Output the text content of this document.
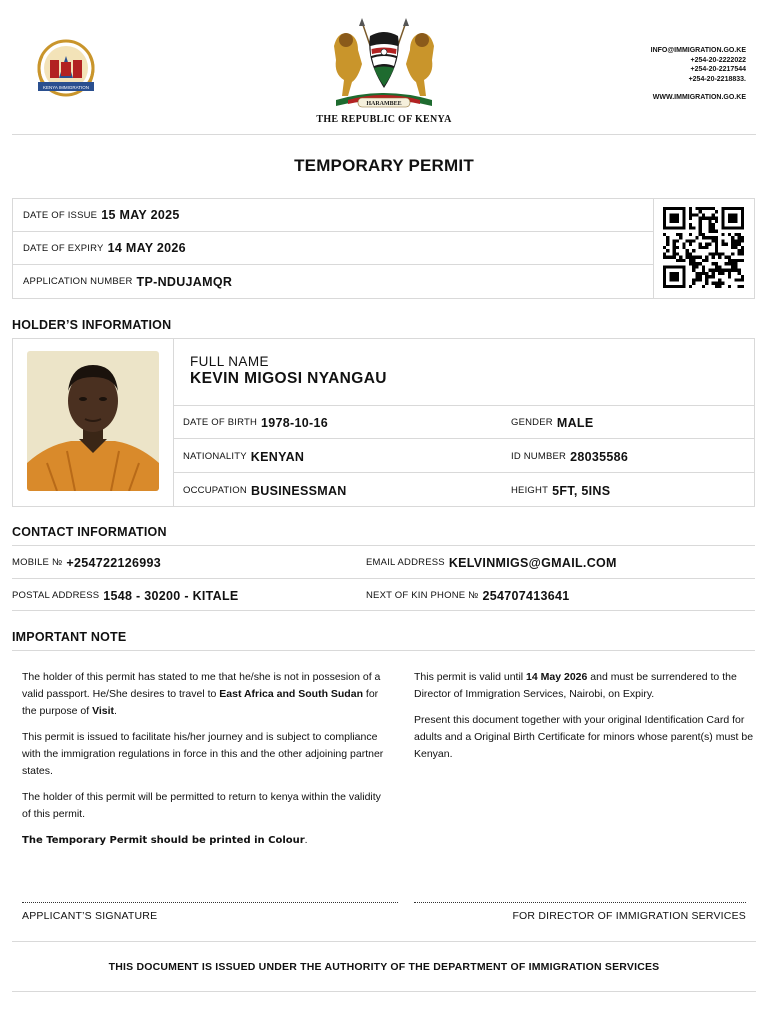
KENYA IMMIGRATION
HARAMBEE
THE REPUBLIC OF KENYA
INFO@IMMIGRATION.GO.KE
+254-20-2222022
+254-20-2217544
+254-20-2218833.
WWW.IMMIGRATION.GO.KE
TEMPORARY PERMIT
DATE OF ISSUE 15 MAY 2025
DATE OF EXPIRY 14 MAY 2026
APPLICATION NUMBER TP-NDUJAMQR
HOLDER’S INFORMATION
FULL NAME
KEVIN MIGOSI NYANGAU
DATE OF BIRTH 1978-10-16	GENDER MALE
NATIONALITY KENYAN	ID NUMBER 28035586
OCCUPATION BUSINESSMAN	HEIGHT 5FT, 5INS
CONTACT INFORMATION
MOBILE № +254722126993	EMAIL ADDRESS KELVINMIGS@GMAIL.COM
POSTAL ADDRESS 1548 - 30200 - KITALE	NEXT OF KIN PHONE № 254707413641
IMPORTANT NOTE

The holder of this permit has stated to me that he/she is not in possesion of a valid passport. He/She desires to travel to East Africa and South Sudan for the purpose of Visit.

This permit is issued to facilitate his/her journey and is subject to compliance with the immigration regulations in force in this and the other adjoining partner states.

The holder of this permit will be permitted to return to kenya within the validity of this permit.

The Temporary Permit should be printed in Colour.

This permit is valid until 14 May 2026 and must be surrendered to the Director of Immigration Services, Nairobi, on Expiry.

Present this document together with your original Identification Card for adults and a Original Birth Certificate for minors whose parent(s) must be Kenyan.

APPLICANT’S SIGNATURE	FOR DIRECTOR OF IMMIGRATION SERVICES
THIS DOCUMENT IS ISSUED UNDER THE AUTHORITY OF THE DEPARTMENT OF IMMIGRATION SERVICES
